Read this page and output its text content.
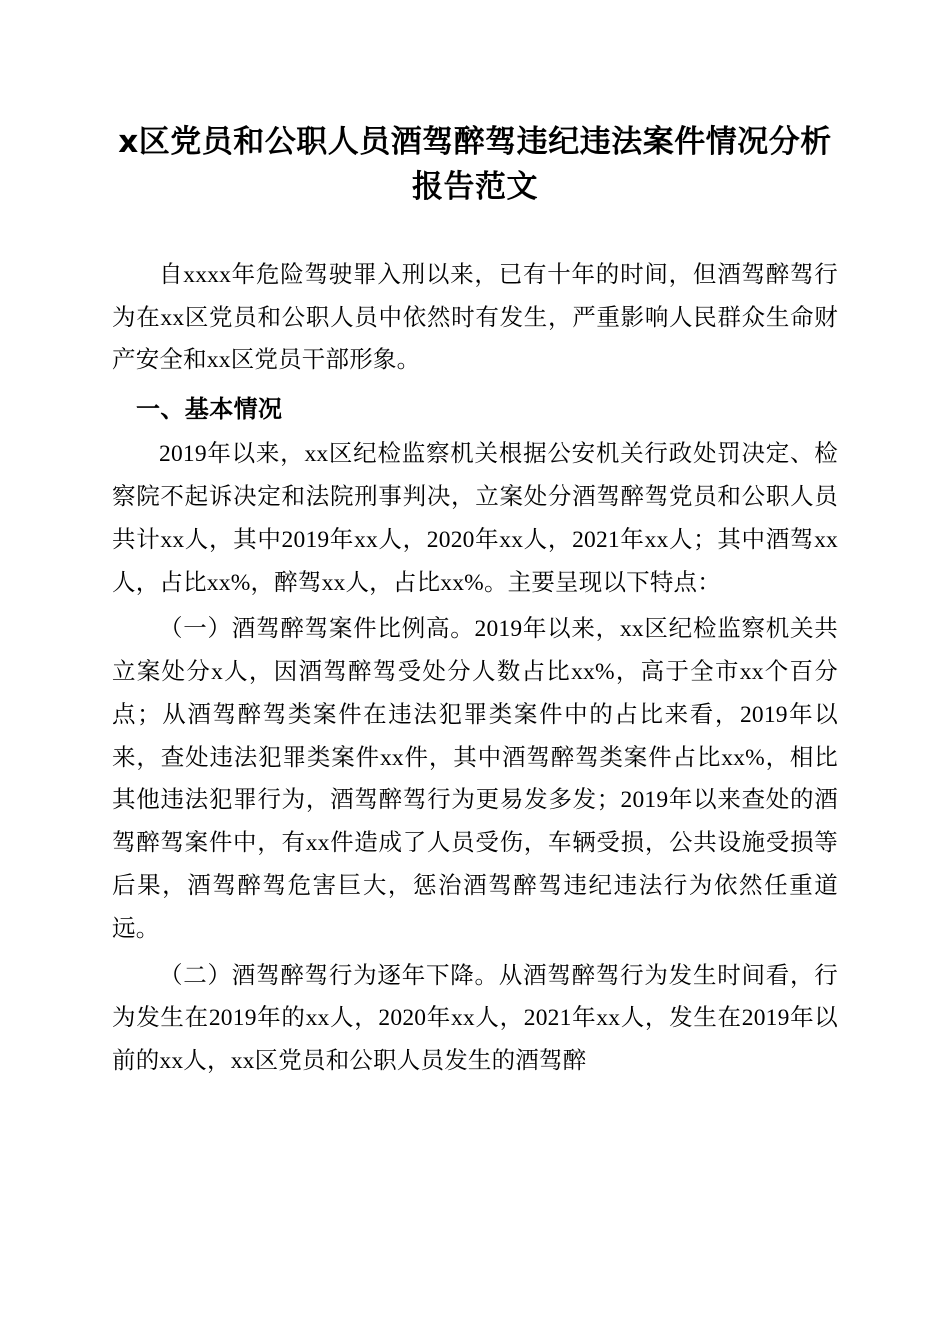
x区党员和公职人员酒驾醉驾违纪违法案件情况分析报告范文

自xxxx年危险驾驶罪入刑以来，已有十年的时间，但酒驾醉驾行为在xx区党员和公职人员中依然时有发生，严重影响人民群众生命财产安全和xx区党员干部形象。

一、基本情况

2019年以来，xx区纪检监察机关根据公安机关行政处罚决定、检察院不起诉决定和法院刑事判决，立案处分酒驾醉驾党员和公职人员共计xx人，其中2019年xx人，2020年xx人，2021年xx人；其中酒驾xx人，占比xx%，醉驾xx人，占比xx%。主要呈现以下特点：

（一）酒驾醉驾案件比例高。2019年以来，xx区纪检监察机关共立案处分x人，因酒驾醉驾受处分人数占比xx%，高于全市xx个百分点；从酒驾醉驾类案件在违法犯罪类案件中的占比来看，2019年以来，查处违法犯罪类案件xx件，其中酒驾醉驾类案件占比xx%，相比其他违法犯罪行为，酒驾醉驾行为更易发多发；2019年以来查处的酒驾醉驾案件中，有xx件造成了人员受伤，车辆受损，公共设施受损等后果，酒驾醉驾危害巨大，惩治酒驾醉驾违纪违法行为依然任重道远。

（二）酒驾醉驾行为逐年下降。从酒驾醉驾行为发生时间看，行为发生在2019年的xx人，2020年xx人，2021年xx人，发生在2019年以前的xx人，xx区党员和公职人员发生的酒驾醉
